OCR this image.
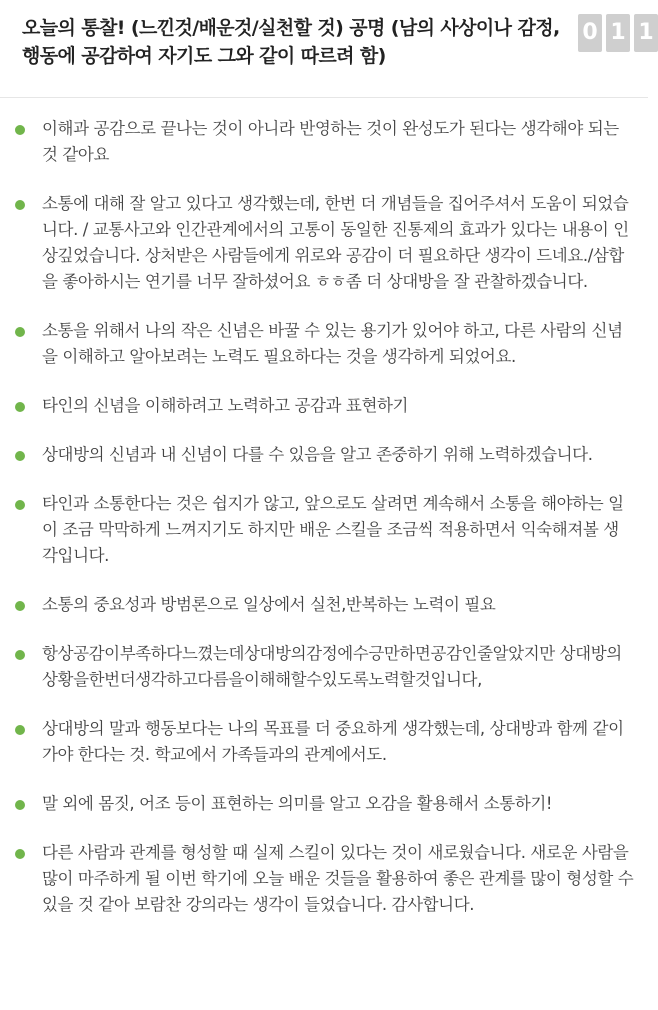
오늘의 통찰! (느낀것/배운것/실천할 것) 공명 (남의 사상이나 감정, 행동에 공감하여 자기도 그와 같이 따르려 함)
0 1 1
이해과 공감으로 끝나는 것이 아니라 반영하는 것이 완성도가 된다는 생각해야 되는 것 같아요
소통에 대해 잘 알고 있다고 생각했는데, 한번 더 개념들을 집어주셔서 도움이 되었습니다. / 교통사고와 인간관계에서의 고통이 동일한 진통제의 효과가 있다는 내용이 인상깊었습니다. 상처받은 사람들에게 위로와 공감이 더 필요하단 생각이 드네요./삼합을 좋아하시는 연기를 너무 잘하셨어요 ㅎㅎ좀 더 상대방을 잘 관찰하겠습니다.
소통을 위해서 나의 작은 신념은 바꿀 수 있는 용기가 있어야 하고, 다른 사람의 신념을 이해하고 알아보려는 노력도 필요하다는 것을 생각하게 되었어요.
타인의 신념을 이해하려고 노력하고 공감과 표현하기
상대방의 신념과 내 신념이 다를 수 있음을 알고 존중하기 위해 노력하겠습니다.
타인과 소통한다는 것은 쉽지가 않고, 앞으로도 살려면 계속해서 소통을 해야하는 일이 조금 막막하게 느껴지기도 하지만 배운 스킬을 조금씩 적용하면서 익숙해져볼 생각입니다.
소통의 중요성과 방범론으로 일상에서 실천,반복하는 노력이 필요
항상공감이부족하다느꼈는데상대방의감정에수긍만하면공감인줄알았지만 상대방의상황을한번더생각하고다름을이해해할수있도록노력할것입니다,
상대방의 말과 행동보다는 나의 목표를 더 중요하게 생각했는데, 상대방과 함께 같이 가야 한다는 것. 학교에서 가족들과의 관계에서도.
말 외에 몸짓, 어조 등이 표현하는 의미를 알고 오감을 활용해서 소통하기!
다른 사람과 관계를 형성할 때 실제 스킬이 있다는 것이 새로웠습니다. 새로운 사람을 많이 마주하게 될 이번 학기에 오늘 배운 것들을 활용하여 좋은 관계를 많이 형성할 수 있을 것 같아 보람찬 강의라는 생각이 들었습니다. 감사합니다.
